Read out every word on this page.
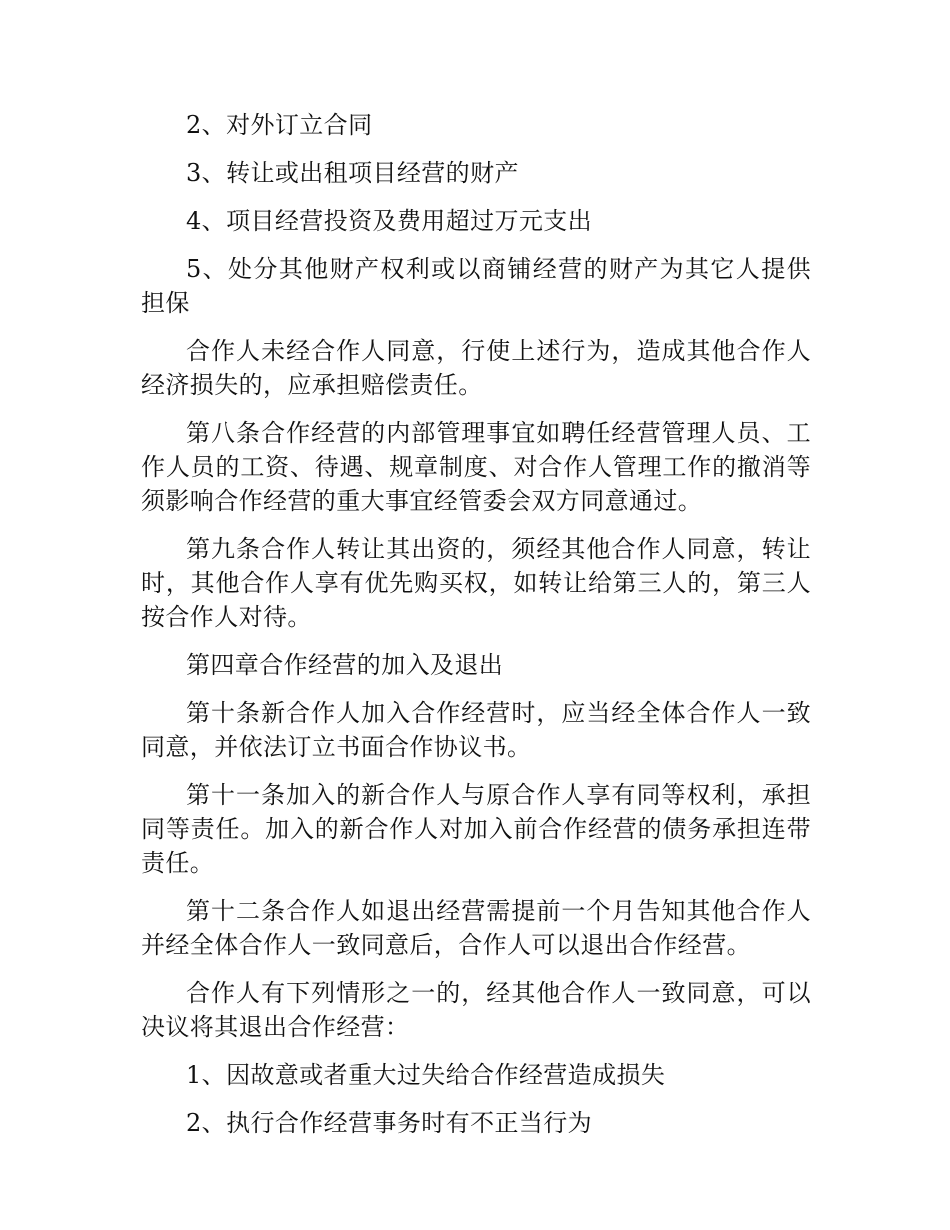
2、对外订立合同

3、转让或出租项目经营的财产

4、项目经营投资及费用超过万元支出

5、处分其他财产权利或以商铺经营的财产为其它人提供担保

合作人未经合作人同意，行使上述行为，造成其他合作人经济损失的，应承担赔偿责任。

第八条合作经营的内部管理事宜如聘任经营管理人员、工作人员的工资、待遇、规章制度、对合作人管理工作的撤消等须影响合作经营的重大事宜经管委会双方同意通过。

第九条合作人转让其出资的，须经其他合作人同意，转让时，其他合作人享有优先购买权，如转让给第三人的，第三人按合作人对待。

第四章合作经营的加入及退出

第十条新合作人加入合作经营时，应当经全体合作人一致同意，并依法订立书面合作协议书。

第十一条加入的新合作人与原合作人享有同等权利，承担同等责任。加入的新合作人对加入前合作经营的债务承担连带责任。

第十二条合作人如退出经营需提前一个月告知其他合作人并经全体合作人一致同意后，合作人可以退出合作经营。

合作人有下列情形之一的，经其他合作人一致同意，可以决议将其退出合作经营：

1、因故意或者重大过失给合作经营造成损失

2、执行合作经营事务时有不正当行为
